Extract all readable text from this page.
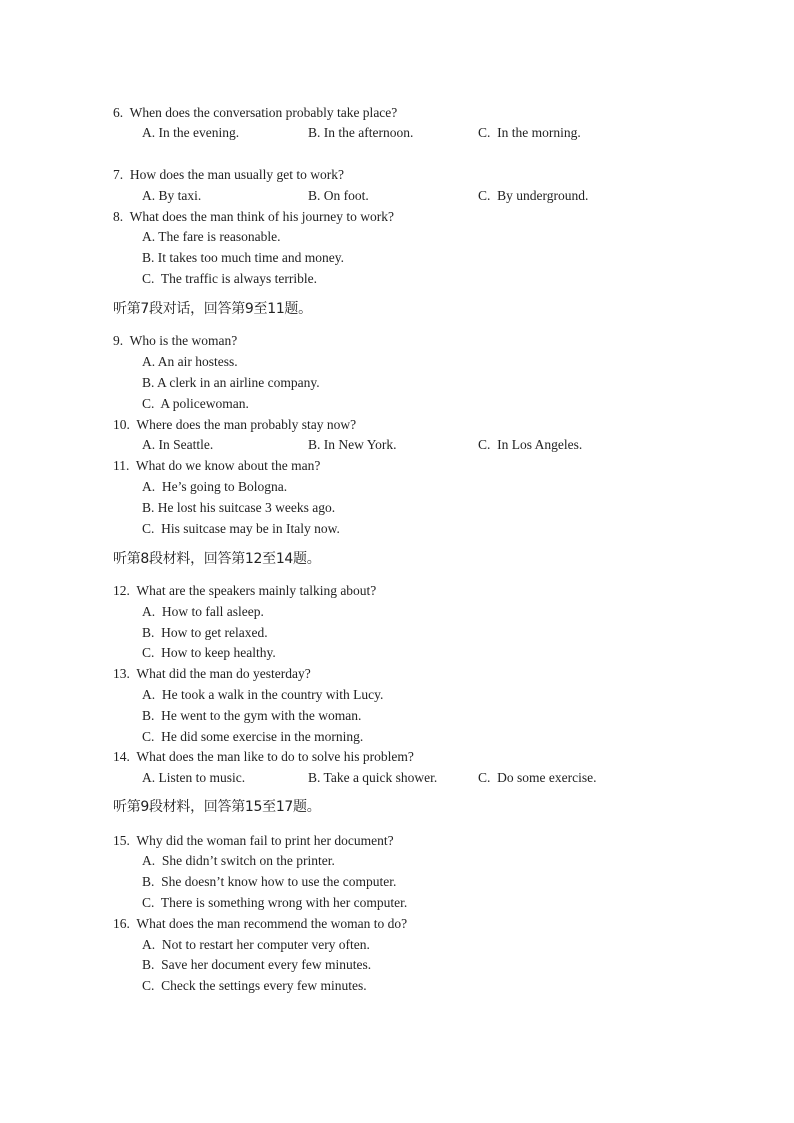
6. When does the conversation probably take place?
A. In the evening.	B. In the afternoon.	C. In the morning.
7. How does the man usually get to work?
A. By taxi.	B. On foot.	C. By underground.
8. What does the man think of his journey to work?
A. The fare is reasonable.
B. It takes too much time and money.
C. The traffic is always terrible.
听第7段对话，回答第9至11题。
9. Who is the woman?
A. An air hostess.
B. A clerk in an airline company.
C. A policewoman.
10. Where does the man probably stay now?
A. In Seattle.	B. In New York.	C. In Los Angeles.
11. What do we know about the man?
A. He’s going to Bologna.
B. He lost his suitcase 3 weeks ago.
C. His suitcase may be in Italy now.
听第8段材料，回答第12至14题。
12. What are the speakers mainly talking about?
A. How to fall asleep.
B. How to get relaxed.
C. How to keep healthy.
13. What did the man do yesterday?
A. He took a walk in the country with Lucy.
B. He went to the gym with the woman.
C. He did some exercise in the morning.
14. What does the man like to do to solve his problem?
A. Listen to music.	B. Take a quick shower.	C. Do some exercise.
听第9段材料，回答第15至17题。
15. Why did the woman fail to print her document?
A. She didn’t switch on the printer.
B. She doesn’t know how to use the computer.
C. There is something wrong with her computer.
16. What does the man recommend the woman to do?
A. Not to restart her computer very often.
B. Save her document every few minutes.
C. Check the settings every few minutes.
